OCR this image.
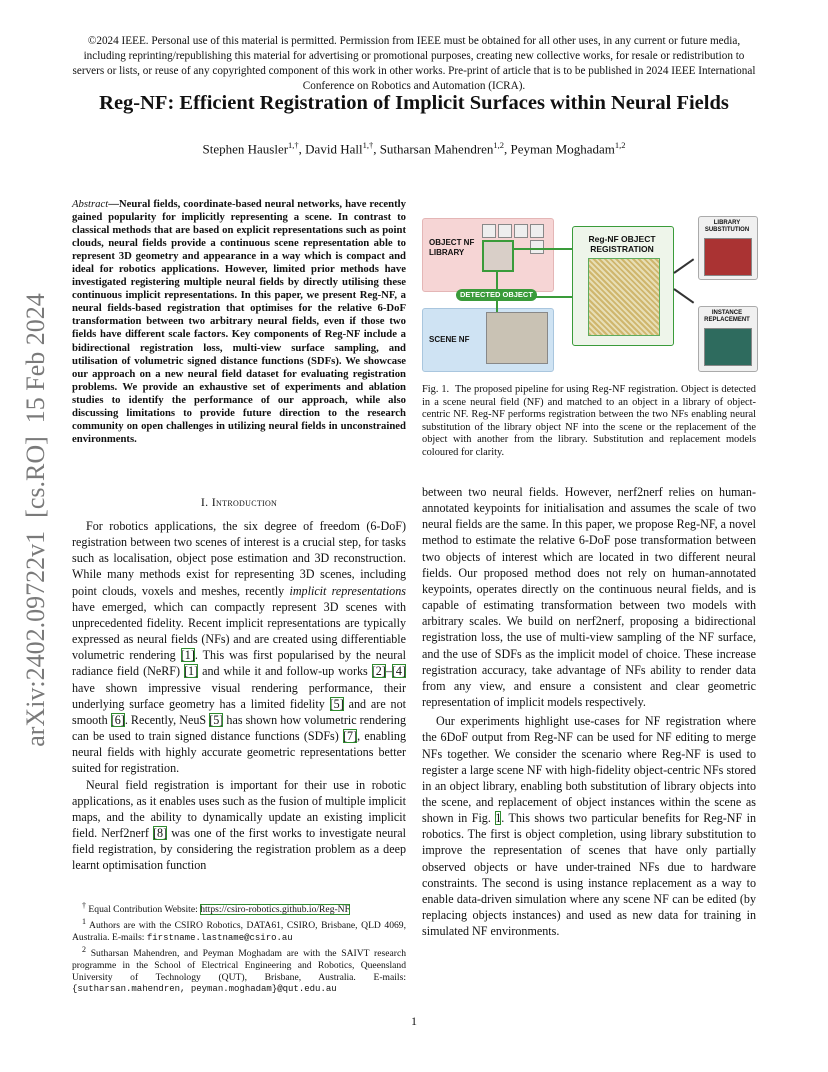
©2024 IEEE. Personal use of this material is permitted. Permission from IEEE must be obtained for all other uses, in any current or future media, including reprinting/republishing this material for advertising or promotional purposes, creating new collective works, for resale or redistribution to servers or lists, or reuse of any copyrighted component of this work in other works. Pre-print of article that is to be published in 2024 IEEE International Conference on Robotics and Automation (ICRA).
Reg-NF: Efficient Registration of Implicit Surfaces within Neural Fields
Stephen Hausler$^{1,\dagger}$, David Hall$^{1,\dagger}$, Sutharsan Mahendren$^{1,2}$, Peyman Moghadam$^{1,2}$
arXiv:2402.09722v1  [cs.RO]  15 Feb 2024
Abstract—Neural fields, coordinate-based neural networks, have recently gained popularity for implicitly representing a scene. In contrast to classical methods that are based on explicit representations such as point clouds, neural fields provide a continuous scene representation able to represent 3D geometry and appearance in a way which is compact and ideal for robotics applications. However, limited prior methods have investigated registering multiple neural fields by directly utilising these continuous implicit representations. In this paper, we present Reg-NF, a neural fields-based registration that optimises for the relative 6-DoF transformation between two arbitrary neural fields, even if those two fields have different scale factors. Key components of Reg-NF include a bidirectional registration loss, multi-view surface sampling, and utilisation of volumetric signed distance functions (SDFs). We showcase our approach on a new neural field dataset for evaluating registration problems. We provide an exhaustive set of experiments and ablation studies to identify the performance of our approach, while also discussing limitations to provide future direction to the research community on open challenges in utilizing neural fields in unconstrained environments.
I. Introduction

For robotics applications, the six degree of freedom (6-DoF) registration between two scenes of interest is a crucial step, for tasks such as localisation, object pose estimation and 3D reconstruction. While many methods exist for representing 3D scenes, including point clouds, voxels and meshes, recently implicit representations have emerged, which can compactly represent 3D scenes with unprecedented fidelity. Recent implicit representations are typically expressed as neural fields (NFs) and are created using differentiable volumetric rendering [1]. This was first popularised by the neural radiance field (NeRF) [1] and while it and follow-up works [2]–[4] have shown impressive visual rendering performance, their underlying surface geometry has a limited fidelity [5] and are not smooth [6]. Recently, NeuS [5] has shown how volumetric rendering can be used to train signed distance functions (SDFs) [7], enabling neural fields with highly accurate geometric representations better suited for registration.

Neural field registration is important for their use in robotic applications, as it enables uses such as the fusion of multiple implicit maps, and the ability to dynamically update an existing implicit field. Nerf2nerf [8] was one of the first works to investigate neural field registration, by considering the registration problem as a deep learnt optimisation function

† Equal Contribution Website: https://csiro-robotics.github.io/Reg-NF

$^1$ Authors are with the CSIRO Robotics, DATA61, CSIRO, Brisbane, QLD 4069, Australia. E-mails: firstname.lastname@csiro.au

$^2$ Sutharsan Mahendren, and Peyman Moghadam are with the SAIVT research programme in the School of Electrical Engineering and Robotics, Queensland University of Technology (QUT), Brisbane, Australia. E-mails: {sutharsan.mahendren, peyman.moghadam}@qut.edu.au

OBJECT NF
LIBRARY
SCENE NF
DETECTED OBJECT
Reg-NF OBJECT
REGISTRATION
LIBRARY
SUBSTITUTION
INSTANCE
REPLACEMENT
Fig. 1. The proposed pipeline for using Reg-NF registration. Object is detected in a scene neural field (NF) and matched to an object in a library of object-centric NF. Reg-NF performs registration between the two NFs enabling neural substitution of the library object NF into the scene or the replacement of the object with another from the library. Substitution and replacement models coloured for clarity.

between two neural fields. However, nerf2nerf relies on human-annotated keypoints for initialisation and assumes the scale of two neural fields are the same. In this paper, we propose Reg-NF, a novel method to estimate the relative 6-DoF pose transformation between two objects of interest which are located in two different neural fields. Our proposed method does not rely on human-annotated keypoints, operates directly on the continuous neural fields, and is capable of estimating transformation between two models with arbitrary scales. We build on nerf2nerf, proposing a bidirectional registration loss, the use of multi-view sampling of the NF surface, and the use of SDFs as the implicit model of choice. These increase registration accuracy, take advantage of NFs ability to render data from any view, and ensure a consistent and clear geometric representation of implicit models respectively.

Our experiments highlight use-cases for NF registration where the 6DoF output from Reg-NF can be used for NF editing to merge NFs together. We consider the scenario where Reg-NF is used to register a large scene NF with high-fidelity object-centric NFs stored in an object library, enabling both substitution of library objects into the scene, and replacement of object instances within the scene as shown in Fig. 1. This shows two particular benefits for Reg-NF in robotics. The first is object completion, using library substitution to improve the representation of scenes that have only partially observed objects or have under-trained NFs due to hardware constraints. The second is using instance replacement as a way to enable data-driven simulation where any scene NF can be edited (by replacing objects instances) and used as new data for training in simulated NF environments.

1
